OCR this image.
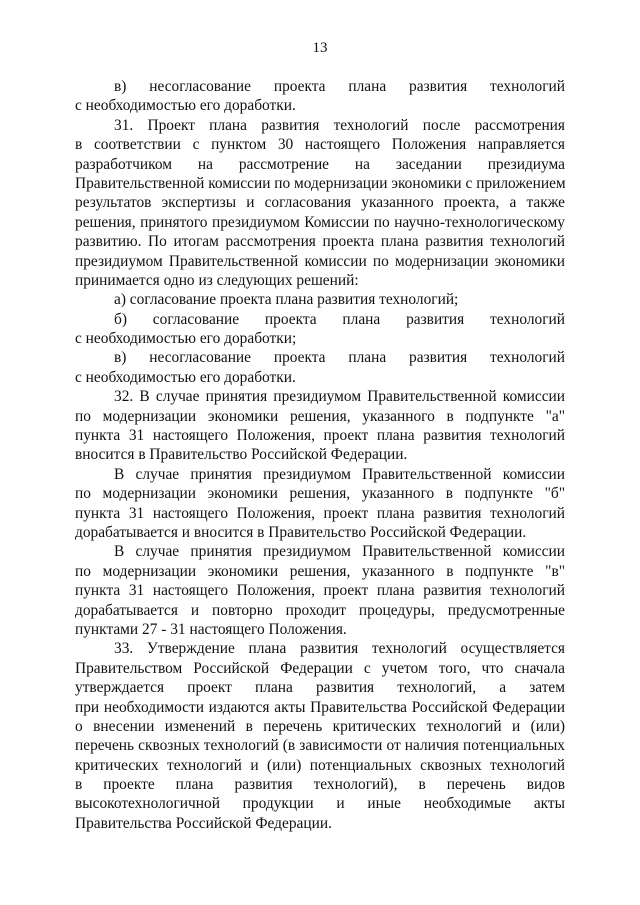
13
в) несогласование проекта плана развития технологий
с необходимостью его доработки.
31. Проект плана развития технологий после рассмотрения
в соответствии с пунктом 30 настоящего Положения направляется
разработчиком на рассмотрение на заседании президиума
Правительственной комиссии по модернизации экономики с приложением
результатов экспертизы и согласования указанного проекта, а также
решения, принятого президиумом Комиссии по научно-технологическому
развитию. По итогам рассмотрения проекта плана развития технологий
президиумом Правительственной комиссии по модернизации экономики
принимается одно из следующих решений:
а) согласование проекта плана развития технологий;
б) согласование проекта плана развития технологий
с необходимостью его доработки;
в) несогласование проекта плана развития технологий
с необходимостью его доработки.
32. В случае принятия президиумом Правительственной комиссии
по модернизации экономики решения, указанного в подпункте "а"
пункта 31 настоящего Положения, проект плана развития технологий
вносится в Правительство Российской Федерации.
В случае принятия президиумом Правительственной комиссии
по модернизации экономики решения, указанного в подпункте "б"
пункта 31 настоящего Положения, проект плана развития технологий
дорабатывается и вносится в Правительство Российской Федерации.
В случае принятия президиумом Правительственной комиссии
по модернизации экономики решения, указанного в подпункте "в"
пункта 31 настоящего Положения, проект плана развития технологий
дорабатывается и повторно проходит процедуры, предусмотренные
пунктами 27 - 31 настоящего Положения.
33. Утверждение плана развития технологий осуществляется
Правительством Российской Федерации с учетом того, что сначала
утверждается проект плана развития технологий, а затем
при необходимости издаются акты Правительства Российской Федерации
о внесении изменений в перечень критических технологий и (или)
перечень сквозных технологий (в зависимости от наличия потенциальных
критических технологий и (или) потенциальных сквозных технологий
в проекте плана развития технологий), в перечень видов
высокотехнологичной продукции и иные необходимые акты
Правительства Российской Федерации.
